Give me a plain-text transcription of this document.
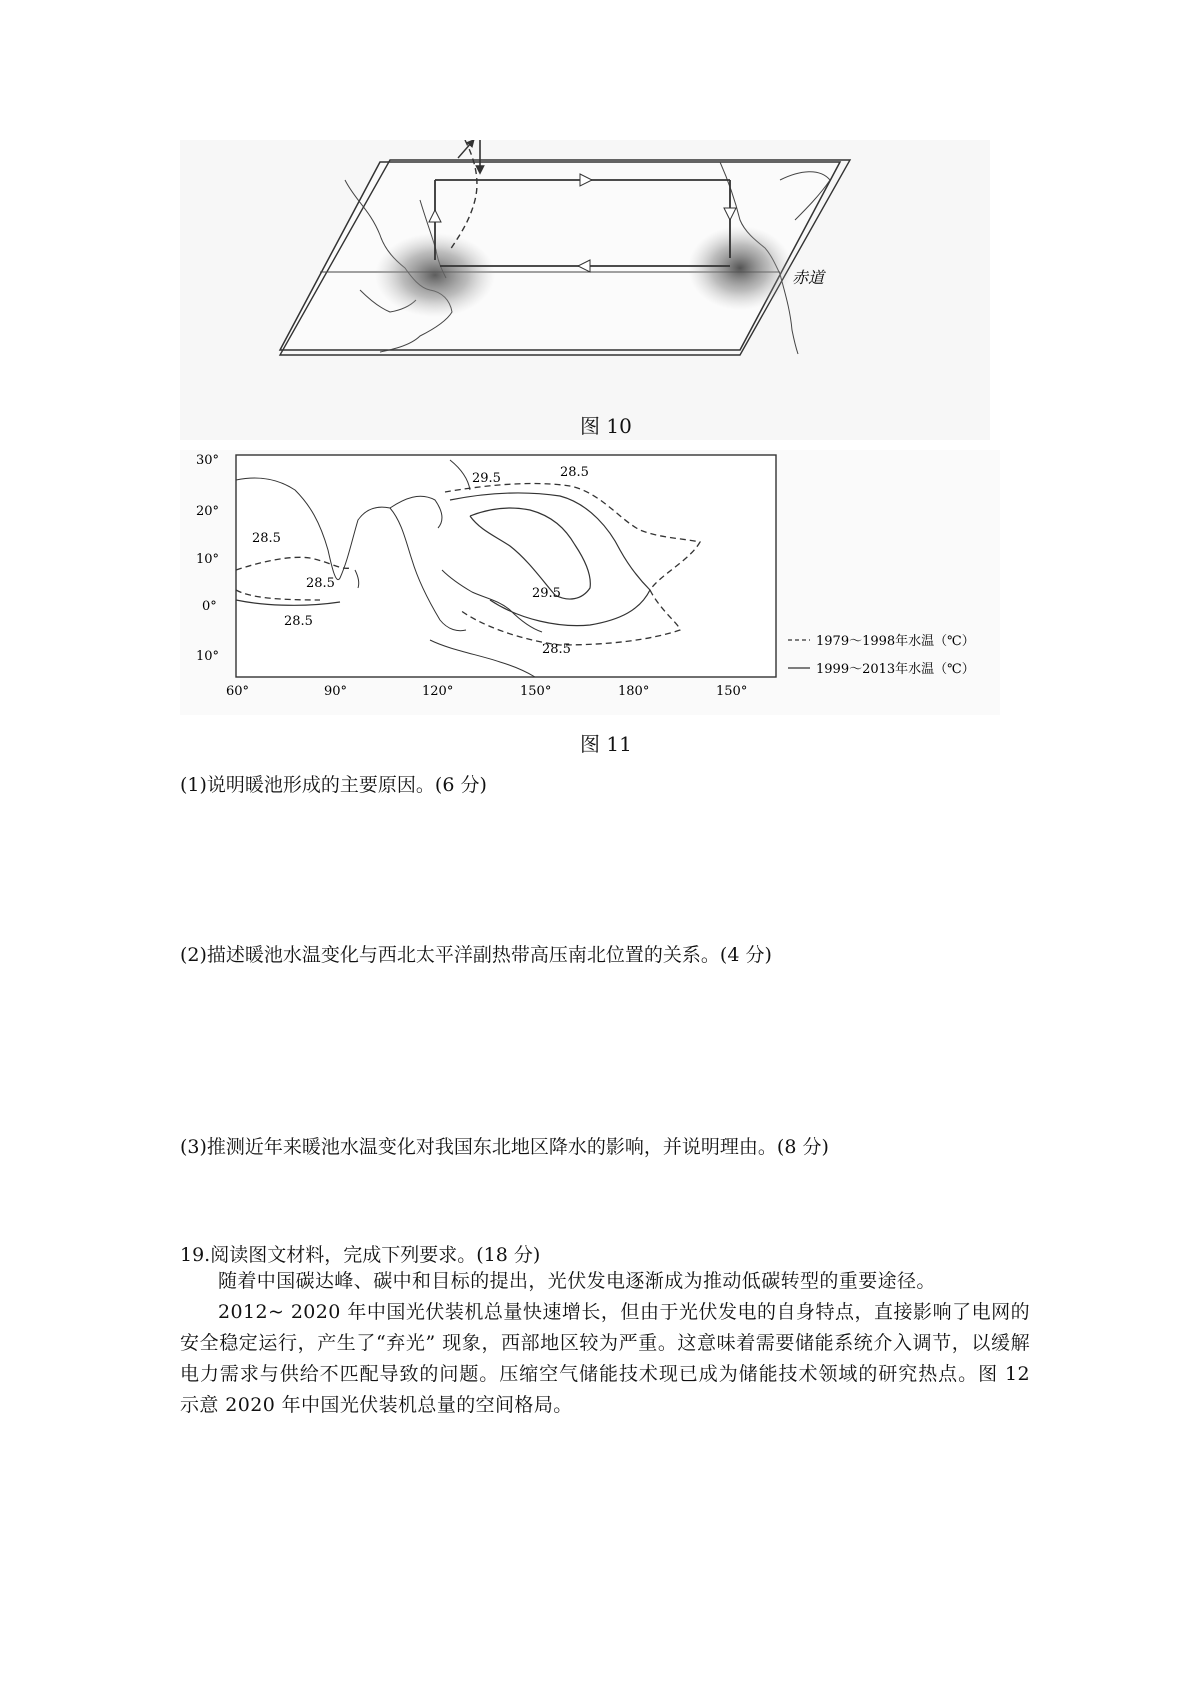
赤道
图 10
30°
20°
10°
0°
10°
60°	90°	120°	150°	180°	150°
28.5
28.5
28.5
28.5
28.5
29.5
29.5
1979～1998年水温（℃）
1999～2013年水温（℃）
图 11
(1)说明暖池形成的主要原因。(6 分)
(2)描述暖池水温变化与西北太平洋副热带高压南北位置的关系。(4 分)
(3)推测近年来暖池水温变化对我国东北地区降水的影响，并说明理由。(8 分)
19.阅读图文材料，完成下列要求。(18 分)
随着中国碳达峰、碳中和目标的提出，光伏发电逐渐成为推动低碳转型的重要途径。
2012~ 2020 年中国光伏装机总量快速增长，但由于光伏发电的自身特点，直接影响了电网的安全稳定运行，产生了“弃光” 现象，西部地区较为严重。这意味着需要储能系统介入调节，以缓解电力需求与供给不匹配导致的问题。压缩空气储能技术现已成为储能技术领域的研究热点。图 12 示意 2020 年中国光伏装机总量的空间格局。
